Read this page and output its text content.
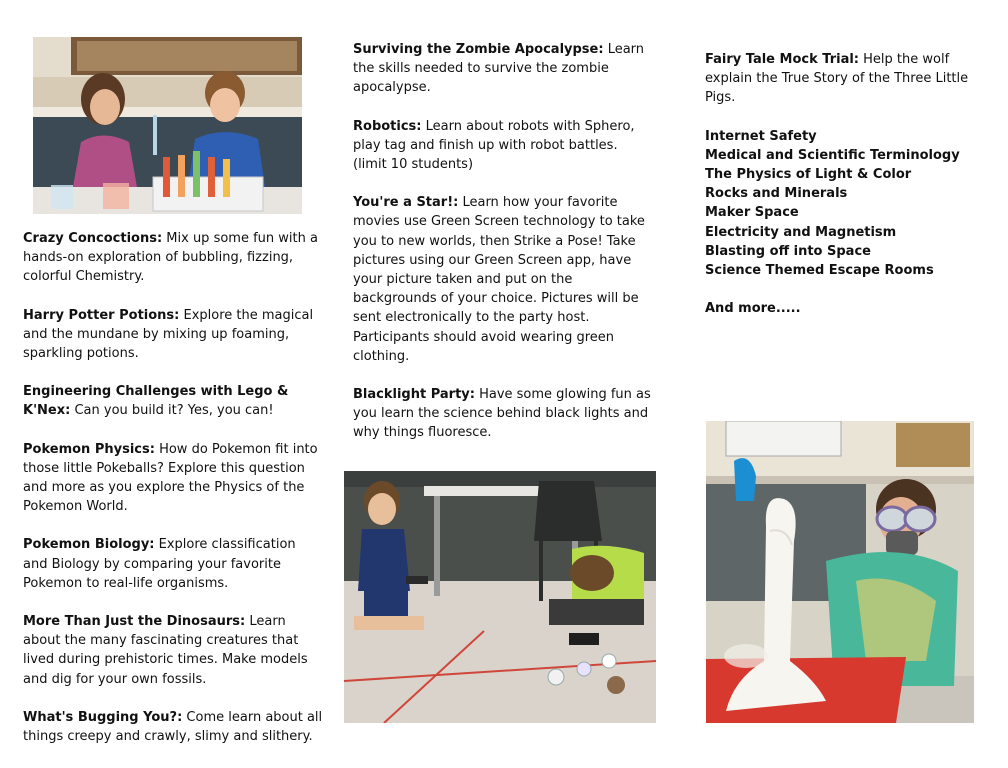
Crazy Concoctions: Mix up some fun with a hands-on exploration of bubbling, fizzing, colorful Chemistry.
Harry Potter Potions: Explore the magical and the mundane by mixing up foaming, sparkling potions.
Engineering Challenges with Lego & K'Nex: Can you build it? Yes, you can!
Pokemon Physics: How do Pokemon fit into those little Pokeballs? Explore this question and more as you explore the Physics of the Pokemon World.
Pokemon Biology: Explore classification and Biology by comparing your favorite Pokemon to real-life organisms.
More Than Just the Dinosaurs: Learn about the many fascinating creatures that lived during prehistoric times. Make models and dig for your own fossils.
What's Bugging You?: Come learn about all things creepy and crawly, slimy and slithery.
Surviving the Zombie Apocalypse: Learn the skills needed to survive the zombie apocalypse.
Robotics: Learn about robots with Sphero, play tag and finish up with robot battles. (limit 10 students)
You're a Star!: Learn how your favorite movies use Green Screen technology to take you to new worlds, then Strike a Pose! Take pictures using our Green Screen app, have your picture taken and put on the backgrounds of your choice. Pictures will be sent electronically to the party host. Participants should avoid wearing green clothing.
Blacklight Party: Have some glowing fun as you learn the science behind black lights and why things fluoresce.
Fairy Tale Mock Trial: Help the wolf explain the True Story of the Three Little Pigs.
Internet Safety
Medical and Scientific Terminology
The Physics of Light & Color
Rocks and Minerals
Maker Space
Electricity and Magnetism
Blasting off into Space
Science Themed Escape Rooms
And more.....
